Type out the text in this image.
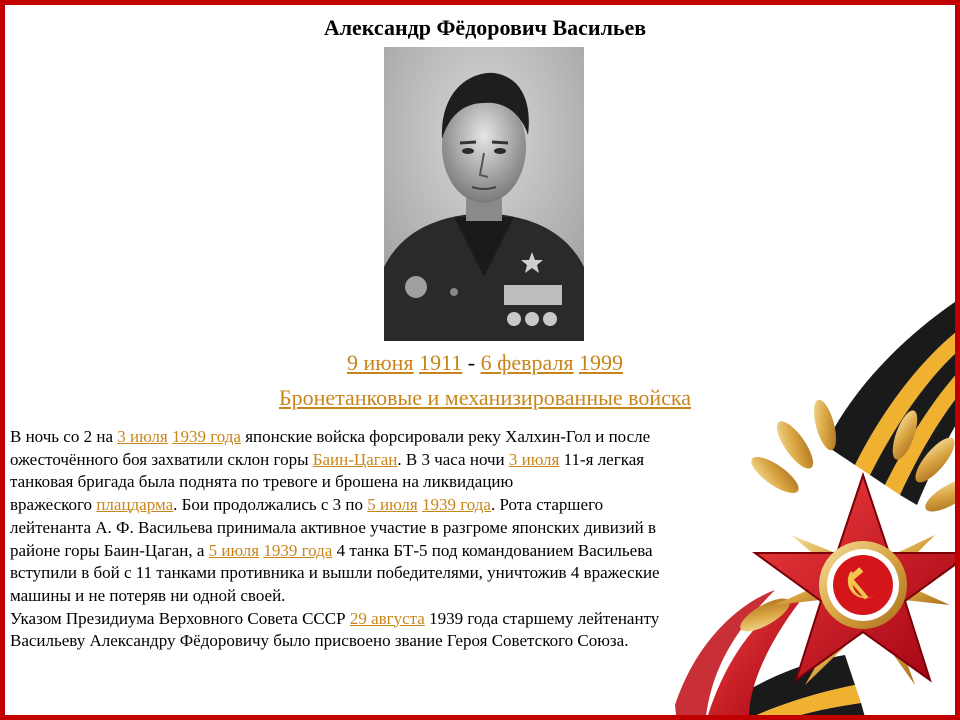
Александр Фёдорович Васильев
9 июня 1911 - 6 февраля 1999
Бронетанковые и механизированные войска
В ночь со 2 на 3 июля 1939 года японские войска форсировали реку Халхин-Гол и после
ожесточённого боя захватили склон горы Баин-Цаган. В 3 часа ночи 3 июля 11-я легкая
танковая бригада была поднята по тревоге и брошена на ликвидацию
вражеского плацдарма. Бои продолжались с 3 по 5 июля 1939 года. Рота старшего
лейтенанта А. Ф. Васильева принимала активное участие в разгроме японских дивизий в
районе горы Баин-Цаган, а 5 июля 1939 года 4 танка БТ-5 под командованием Васильева
вступили в бой с 11 танками противника и вышли победителями, уничтожив 4 вражеские
машины и не потеряв ни одной своей.
Указом Президиума Верховного Совета СССР 29 августа 1939 года старшему лейтенанту
Васильеву Александру Фёдоровичу было присвоено звание Героя Советского Союза.
